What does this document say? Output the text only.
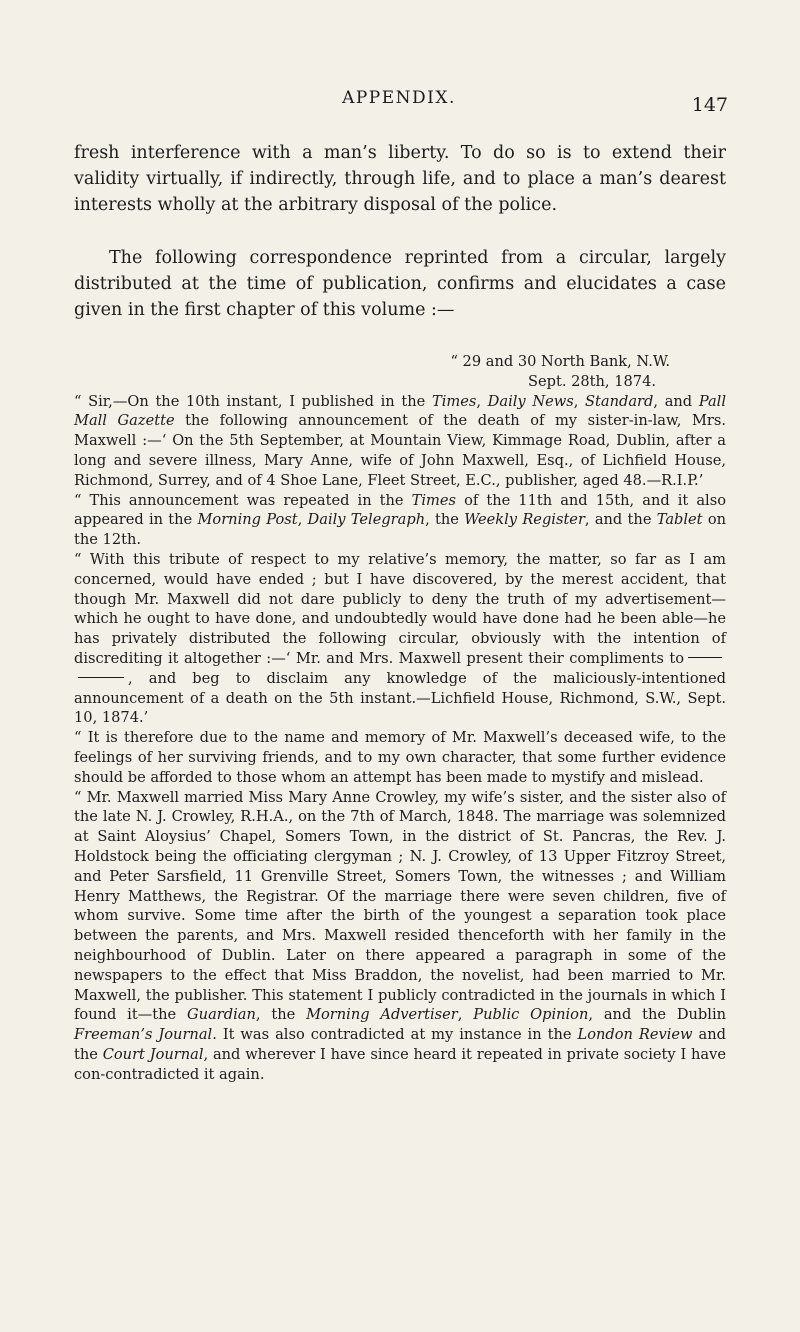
APPENDIX.	147

fresh interference with a man’s liberty. To do so is to extend their validity virtually, if indirectly, through life, and to place a man’s dearest interests wholly at the arbitrary disposal of the police.

The following correspondence reprinted from a circular, largely distributed at the time of publication, confirms and elucidates a case given in the first chapter of this volume :—

“ 29 and 30 North Bank, N.W.
Sept. 28th, 1874.

“ Sir,—On the 10th instant, I published in the Times, Daily News, Standard, and Pall Mall Gazette the following announcement of the death of my sister-in-law, Mrs. Maxwell :—‘ On the 5th September, at Mountain View, Kimmage Road, Dublin, after a long and severe illness, Mary Anne, wife of John Maxwell, Esq., of Lichfield House, Richmond, Surrey, and of 4 Shoe Lane, Fleet Street, E.C., publisher, aged 48.—R.I.P.’

“ This announcement was repeated in the Times of the 11th and 15th, and it also appeared in the Morning Post, Daily Telegraph, the Weekly Register, and the Tablet on the 12th.

“ With this tribute of respect to my relative’s memory, the matter, so far as I am concerned, would have ended ; but I have discovered, by the merest accident, that though Mr. Maxwell did not dare publicly to deny the truth of my advertisement—which he ought to have done, and undoubtedly would have done had he been able—he has privately distributed the following circular, obviously with the intention of discrediting it altogether :—‘ Mr. and Mrs. Maxwell present their compliments to, and beg to disclaim any knowledge of the maliciously-intentioned announcement of a death on the 5th instant.—Lichfield House, Richmond, S.W., Sept. 10, 1874.’

“ It is therefore due to the name and memory of Mr. Maxwell’s deceased wife, to the feelings of her surviving friends, and to my own character, that some further evidence should be afforded to those whom an attempt has been made to mystify and mislead.

“ Mr. Maxwell married Miss Mary Anne Crowley, my wife’s sister, and the sister also of the late N. J. Crowley, R.H.A., on the 7th of March, 1848. The marriage was solemnized at Saint Aloysius’ Chapel, Somers Town, in the district of St. Pancras, the Rev. J. Holdstock being the officiating clergyman ; N. J. Crowley, of 13 Upper Fitzroy Street, and Peter Sarsfield, 11 Grenville Street, Somers Town, the witnesses ; and William Henry Matthews, the Registrar. Of the marriage there were seven children, five of whom survive. Some time after the birth of the youngest a separation took place between the parents, and Mrs. Maxwell resided thenceforth with her family in the neighbourhood of Dublin. Later on there appeared a paragraph in some of the newspapers to the effect that Miss Braddon, the novelist, had been married to Mr. Maxwell, the publisher. This statement I publicly contradicted in the journals in which I found it—the Guardian, the Morning Advertiser, Public Opinion, and the Dublin Freeman’s Journal. It was also contradicted at my instance in the London Review and the Court Journal, and wherever I have since heard it repeated in private society I have con-contradicted it again.
